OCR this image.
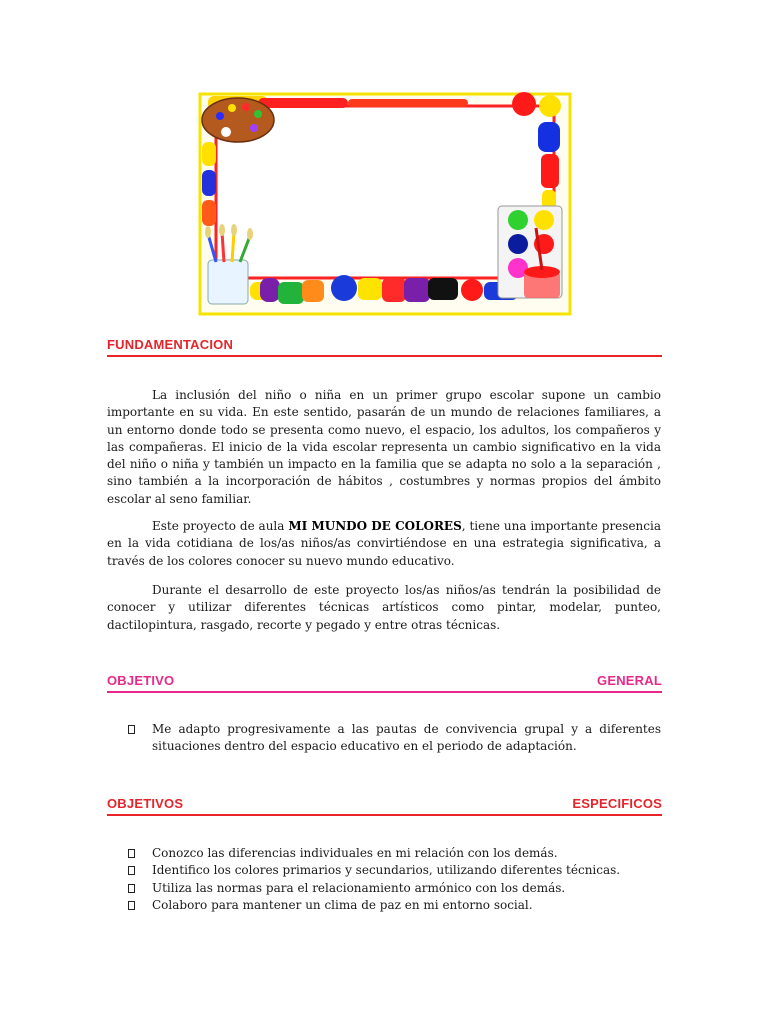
FUNDAMENTACION

La inclusión del niño o niña en un primer grupo escolar supone un cambio importante en su vida. En este sentido, pasarán de un mundo de relaciones familiares, a un entorno donde todo se presenta como nuevo, el espacio, los adultos, los compañeros y las compañeras. El inicio de la vida escolar representa un cambio significativo en la vida del niño o niña y también un impacto en la familia que se adapta no solo a la separación , sino también a la incorporación de hábitos , costumbres y normas propios del ámbito escolar al seno familiar.

Este proyecto de aula MI MUNDO DE COLORES, tiene una importante presencia en la vida cotidiana de los/as niños/as convirtiéndose en una estrategia significativa, a través de los colores conocer su nuevo mundo educativo.

Durante el desarrollo de este proyecto los/as niños/as tendrán la posibilidad de conocer y utilizar diferentes técnicas artísticos como pintar, modelar, punteo, dactilopintura, rasgado, recorte y pegado y entre otras técnicas.

OBJETIVO	GENERAL
Me adapto progresivamente a las pautas de convivencia grupal y a diferentes situaciones dentro del espacio educativo en el periodo de adaptación.
OBJETIVOS	ESPECIFICOS
Conozco las diferencias individuales en mi relación con los demás.
Identifico los colores primarios y secundarios, utilizando diferentes técnicas.
Utiliza las normas para el relacionamiento armónico con los demás.
Colaboro para mantener un clima de paz en mi entorno social.
